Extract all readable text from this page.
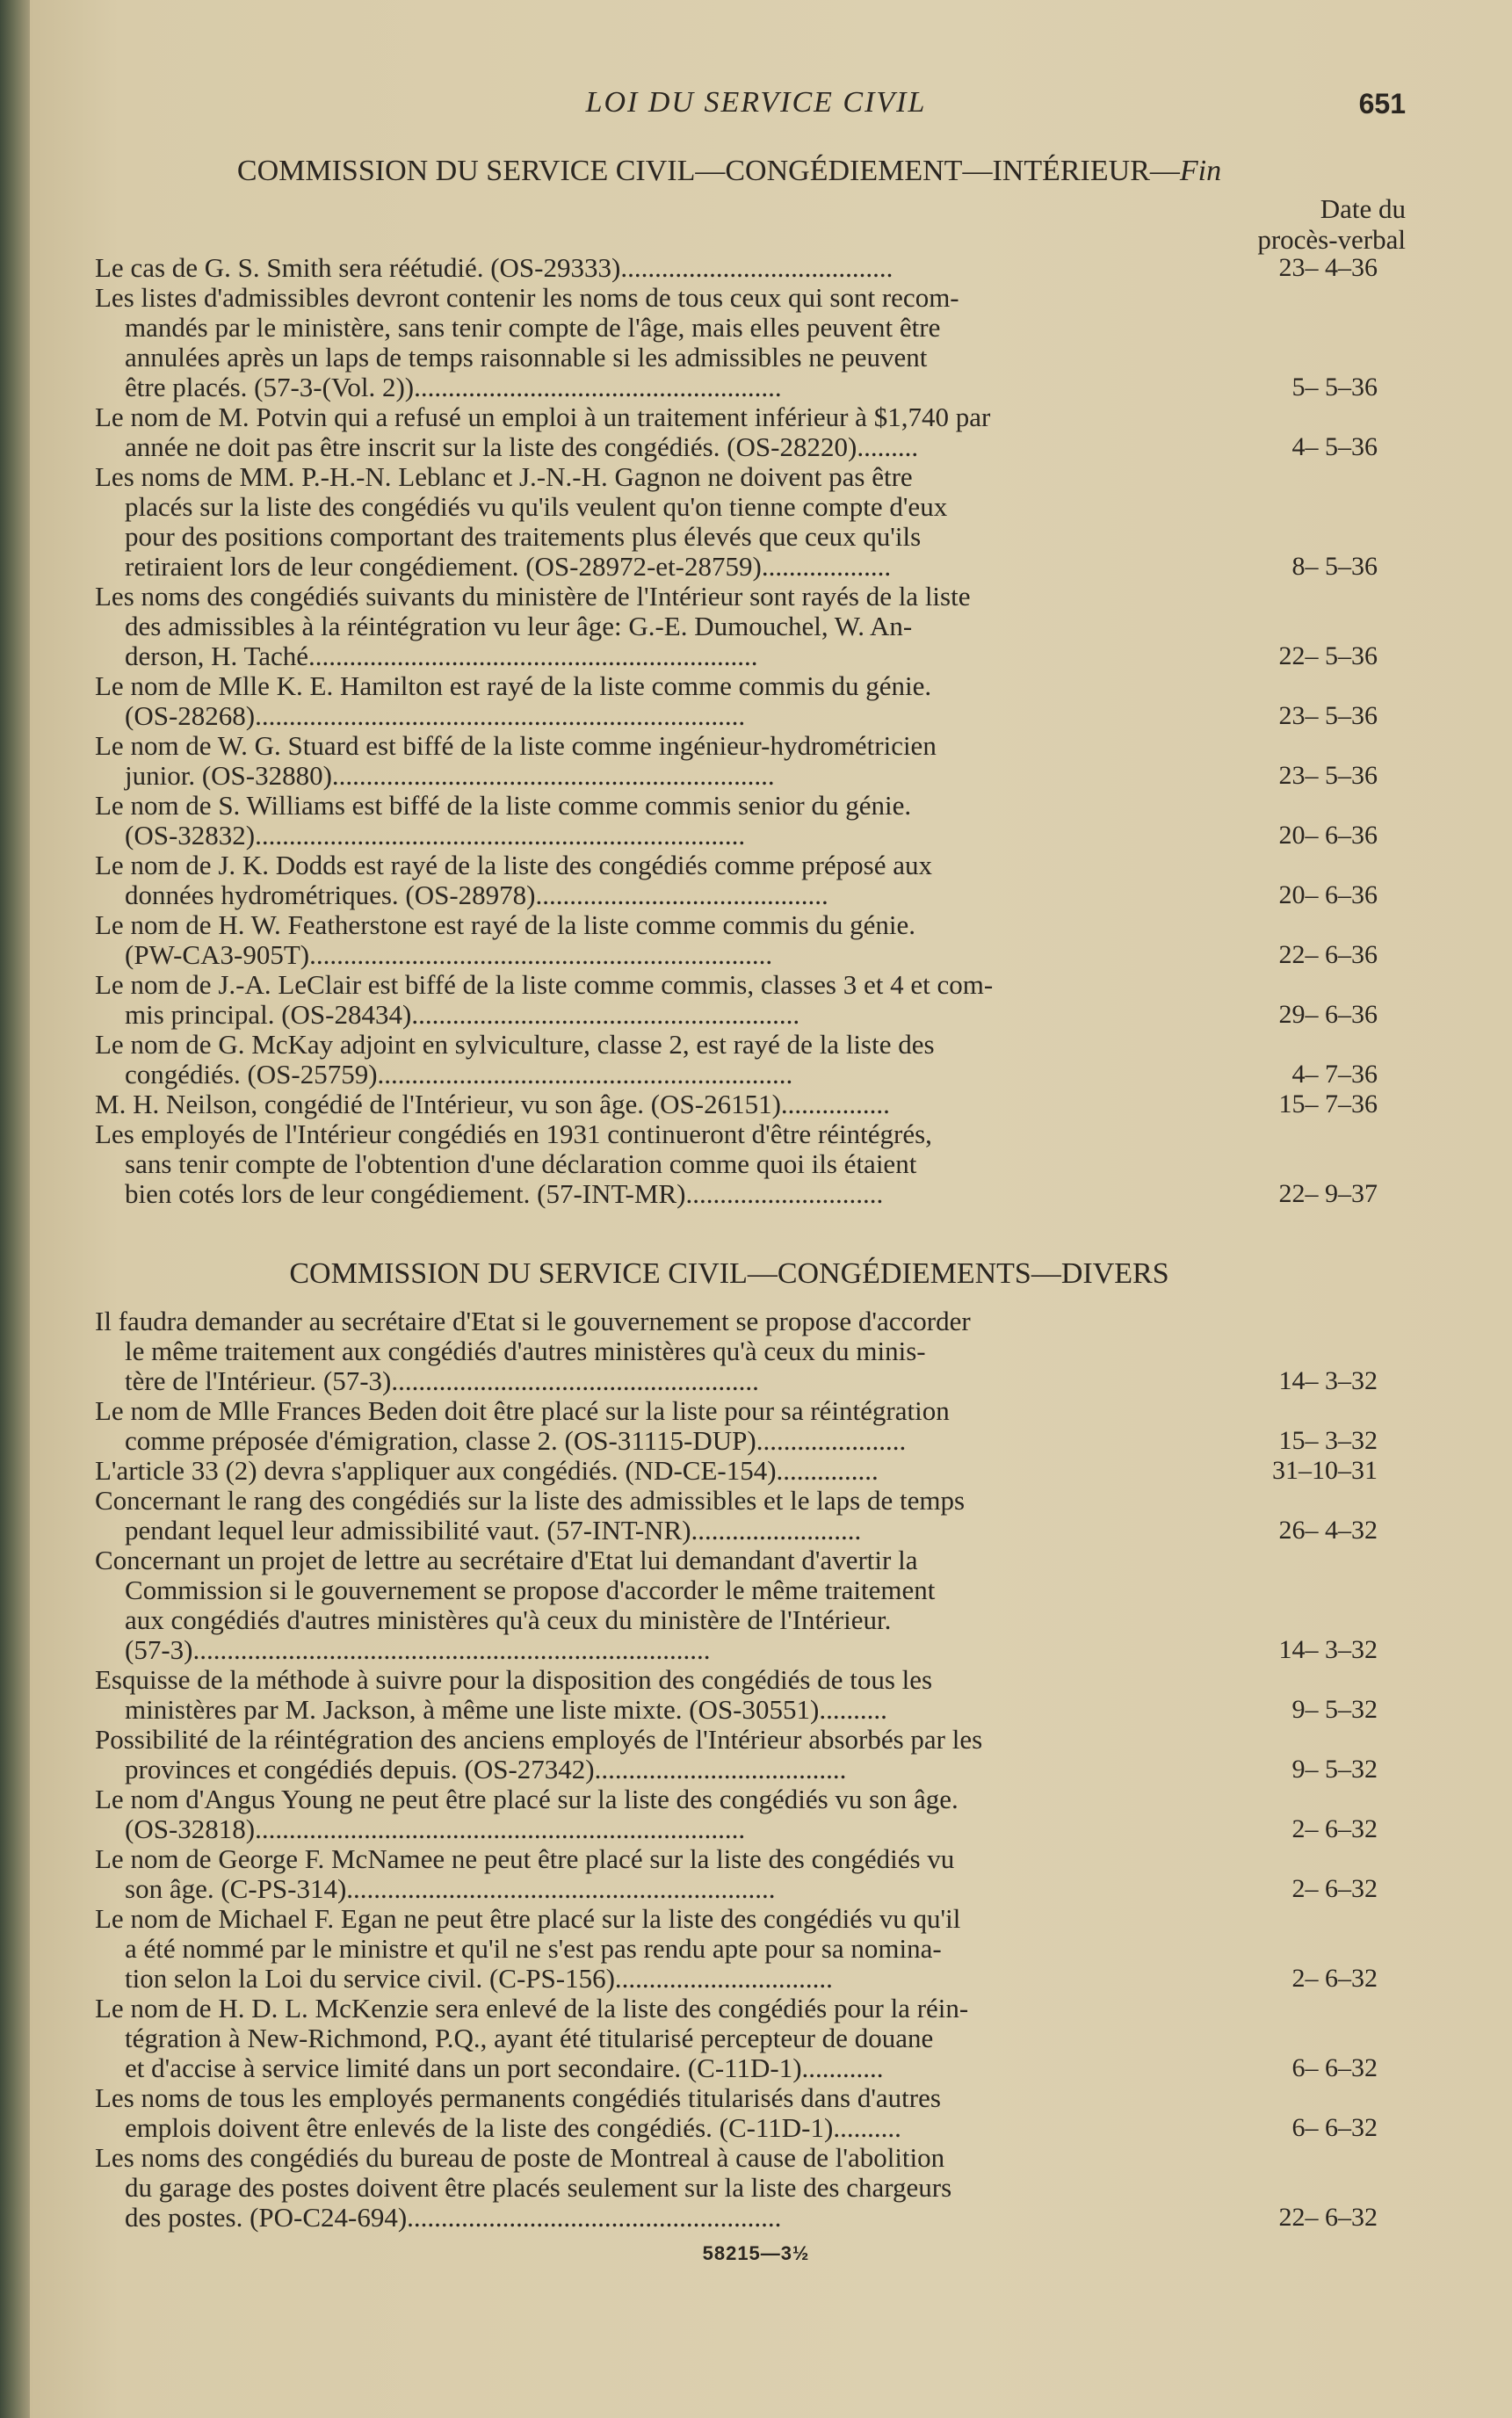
LOI DU SERVICE CIVIL	651
COMMISSION DU SERVICE CIVIL—CONGÉDIEMENT—INTÉRIEUR—Fin
Date du
procès-verbal
Le cas de G. S. Smith sera réétudié. (OS-29333)........................................	23– 4–36
Les listes d'admissibles devront contenir les noms de tous ceux qui sont recom-
mandés par le ministère, sans tenir compte de l'âge, mais elles peuvent être
annulées après un laps de temps raisonnable si les admissibles ne peuvent
être placés. (57-3-(Vol. 2))......................................................	5– 5–36
Le nom de M. Potvin qui a refusé un emploi à un traitement inférieur à $1,740 par
année ne doit pas être inscrit sur la liste des congédiés. (OS-28220).........	4– 5–36
Les noms de MM. P.-H.-N. Leblanc et J.-N.-H. Gagnon ne doivent pas être
placés sur la liste des congédiés vu qu'ils veulent qu'on tienne compte d'eux
pour des positions comportant des traitements plus élevés que ceux qu'ils
retiraient lors de leur congédiement. (OS-28972-et-28759)...................	8– 5–36
Les noms des congédiés suivants du ministère de l'Intérieur sont rayés de la liste
des admissibles à la réintégration vu leur âge: G.-E. Dumouchel, W. An-
derson, H. Taché..................................................................	22– 5–36
Le nom de Mlle K. E. Hamilton est rayé de la liste comme commis du génie.
(OS-28268)........................................................................	23– 5–36
Le nom de W. G. Stuard est biffé de la liste comme ingénieur-hydrométricien
junior. (OS-32880).................................................................	23– 5–36
Le nom de S. Williams est biffé de la liste comme commis senior du génie.
(OS-32832)........................................................................	20– 6–36
Le nom de J. K. Dodds est rayé de la liste des congédiés comme préposé aux
données hydrométriques. (OS-28978)...........................................	20– 6–36
Le nom de H. W. Featherstone est rayé de la liste comme commis du génie.
(PW-CA3-905T)....................................................................	22– 6–36
Le nom de J.-A. LeClair est biffé de la liste comme commis, classes 3 et 4 et com-
mis principal. (OS-28434).........................................................	29– 6–36
Le nom de G. McKay adjoint en sylviculture, classe 2, est rayé de la liste des
congédiés. (OS-25759).............................................................	4– 7–36
M. H. Neilson, congédié de l'Intérieur, vu son âge. (OS-26151)................	15– 7–36
Les employés de l'Intérieur congédiés en 1931 continueront d'être réintégrés,
sans tenir compte de l'obtention d'une déclaration comme quoi ils étaient
bien cotés lors de leur congédiement. (57-INT-MR).............................	22– 9–37
COMMISSION DU SERVICE CIVIL—CONGÉDIEMENTS—DIVERS
Il faudra demander au secrétaire d'Etat si le gouvernement se propose d'accorder
le même traitement aux congédiés d'autres ministères qu'à ceux du minis-
tère de l'Intérieur. (57-3)......................................................	14– 3–32
Le nom de Mlle Frances Beden doit être placé sur la liste pour sa réintégration
comme préposée d'émigration, classe 2. (OS-31115-DUP)......................	15– 3–32
L'article 33 (2) devra s'appliquer aux congédiés. (ND-CE-154)...............	31–10–31
Concernant le rang des congédiés sur la liste des admissibles et le laps de temps
pendant lequel leur admissibilité vaut. (57-INT-NR).........................	26– 4–32
Concernant un projet de lettre au secrétaire d'Etat lui demandant d'avertir la
Commission si le gouvernement se propose d'accorder le même traitement
aux congédiés d'autres ministères qu'à ceux du ministère de l'Intérieur.
(57-3)............................................................................	14– 3–32
Esquisse de la méthode à suivre pour la disposition des congédiés de tous les
ministères par M. Jackson, à même une liste mixte. (OS-30551)..........	9– 5–32
Possibilité de la réintégration des anciens employés de l'Intérieur absorbés par les
provinces et congédiés depuis. (OS-27342).....................................	9– 5–32
Le nom d'Angus Young ne peut être placé sur la liste des congédiés vu son âge.
(OS-32818)........................................................................	2– 6–32
Le nom de George F. McNamee ne peut être placé sur la liste des congédiés vu
son âge. (C-PS-314)...............................................................	2– 6–32
Le nom de Michael F. Egan ne peut être placé sur la liste des congédiés vu qu'il
a été nommé par le ministre et qu'il ne s'est pas rendu apte pour sa nomina-
tion selon la Loi du service civil. (C-PS-156)................................	2– 6–32
Le nom de H. D. L. McKenzie sera enlevé de la liste des congédiés pour la réin-
tégration à New-Richmond, P.Q., ayant été titularisé percepteur de douane
et d'accise à service limité dans un port secondaire. (C-11D-1)............	6– 6–32
Les noms de tous les employés permanents congédiés titularisés dans d'autres
emplois doivent être enlevés de la liste des congédiés. (C-11D-1)..........	6– 6–32
Les noms des congédiés du bureau de poste de Montreal à cause de l'abolition
du garage des postes doivent être placés seulement sur la liste des chargeurs
des postes. (PO-C24-694).......................................................	22– 6–32
58215—3½
